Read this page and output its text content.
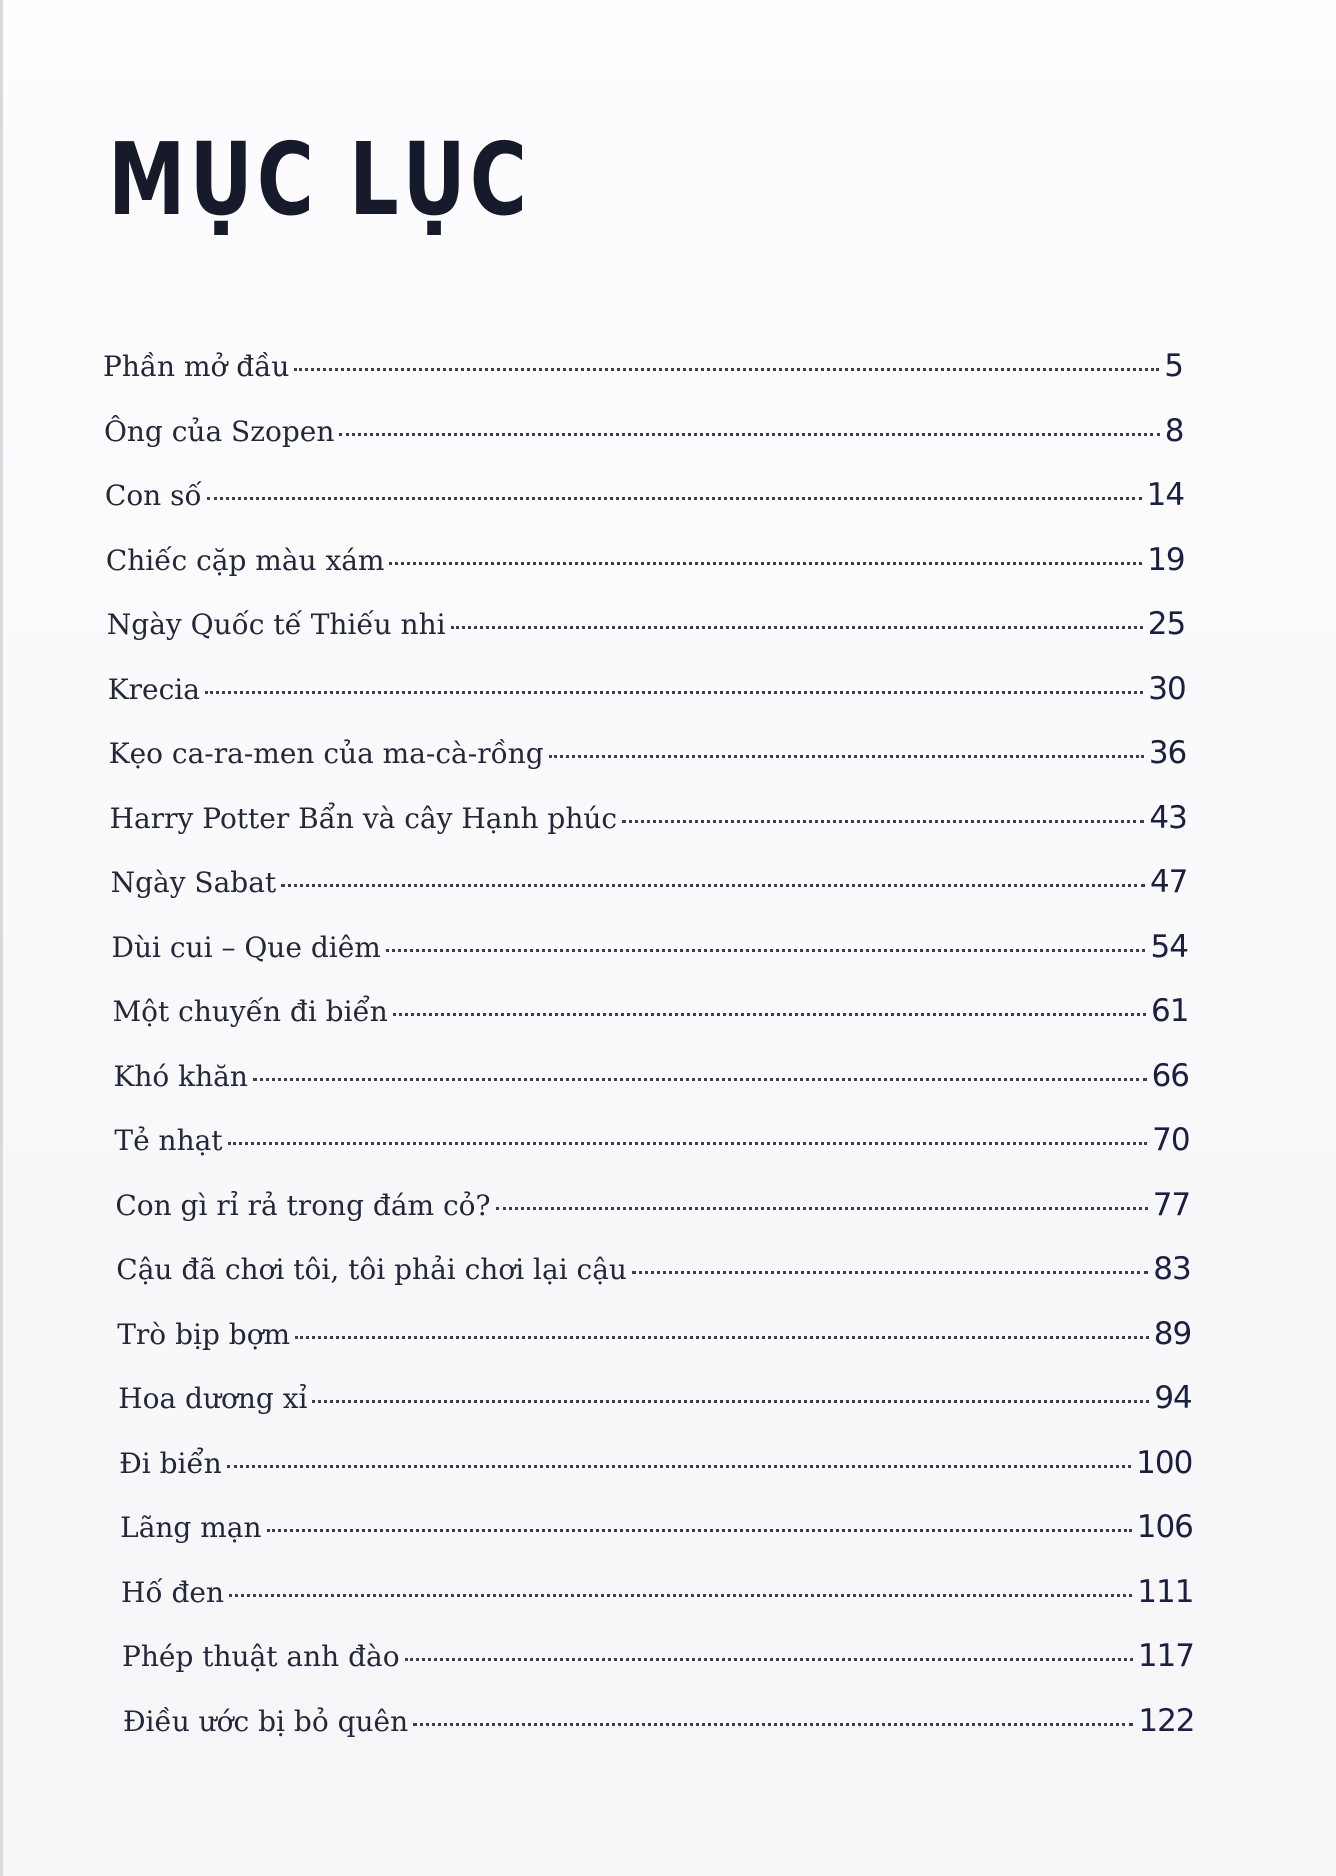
MỤC LỤC
Phần mở đầu	5
Ông của Szopen	8
Con số	14
Chiếc cặp màu xám	19
Ngày Quốc tế Thiếu nhi	25
Krecia	30
Kẹo ca-ra-men của ma-cà-rồng	36
Harry Potter Bẩn và cây Hạnh phúc	43
Ngày Sabat	47
Dùi cui – Que diêm	54
Một chuyến đi biển	61
Khó khăn	66
Tẻ nhạt	70
Con gì rỉ rả trong đám cỏ?	77
Cậu đã chơi tôi, tôi phải chơi lại cậu	83
Trò bịp bợm	89
Hoa dương xỉ	94
Đi biển	100
Lãng mạn	106
Hố đen	111
Phép thuật anh đào	117
Điều ước bị bỏ quên	122
